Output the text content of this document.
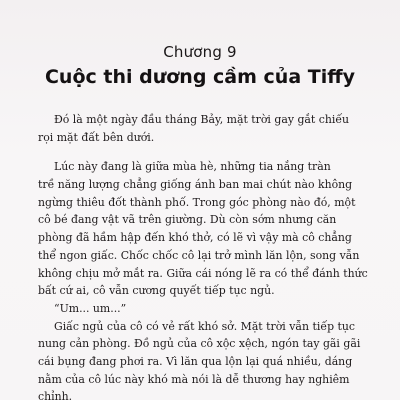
Chương 9
Cuộc thi dương cầm của Tiffy
Đó là một ngày đầu tháng Bảy, mặt trời gay gắt chiếu
rọi mặt đất bên dưới.
Lúc này đang là giữa mùa hè, những tia nắng tràn
trề năng lượng chẳng giống ánh ban mai chút nào không
ngừng thiêu đốt thành phố. Trong góc phòng nào đó, một
cô bé đang vật vã trên giường. Dù còn sớm nhưng căn
phòng đã hầm hập đến khó thở, có lẽ vì vậy mà cô chẳng
thể ngon giấc. Chốc chốc cô lại trở mình lăn lộn, song vẫn
không chịu mở mắt ra. Giữa cái nóng lẽ ra có thể đánh thức
bất cứ ai, cô vẫn cương quyết tiếp tục ngủ.
“Um... um...”
Giấc ngủ của cô có vẻ rất khó sở. Mặt trời vẫn tiếp tục
nung cản phòng. Đồ ngủ của cô xộc xệch, ngón tay gãi gãi
cái bụng đang phơi ra. Vì lăn qua lộn lại quá nhiều, dáng
nằm của cô lúc này khó mà nói là dễ thương hay nghiêm
chỉnh.
